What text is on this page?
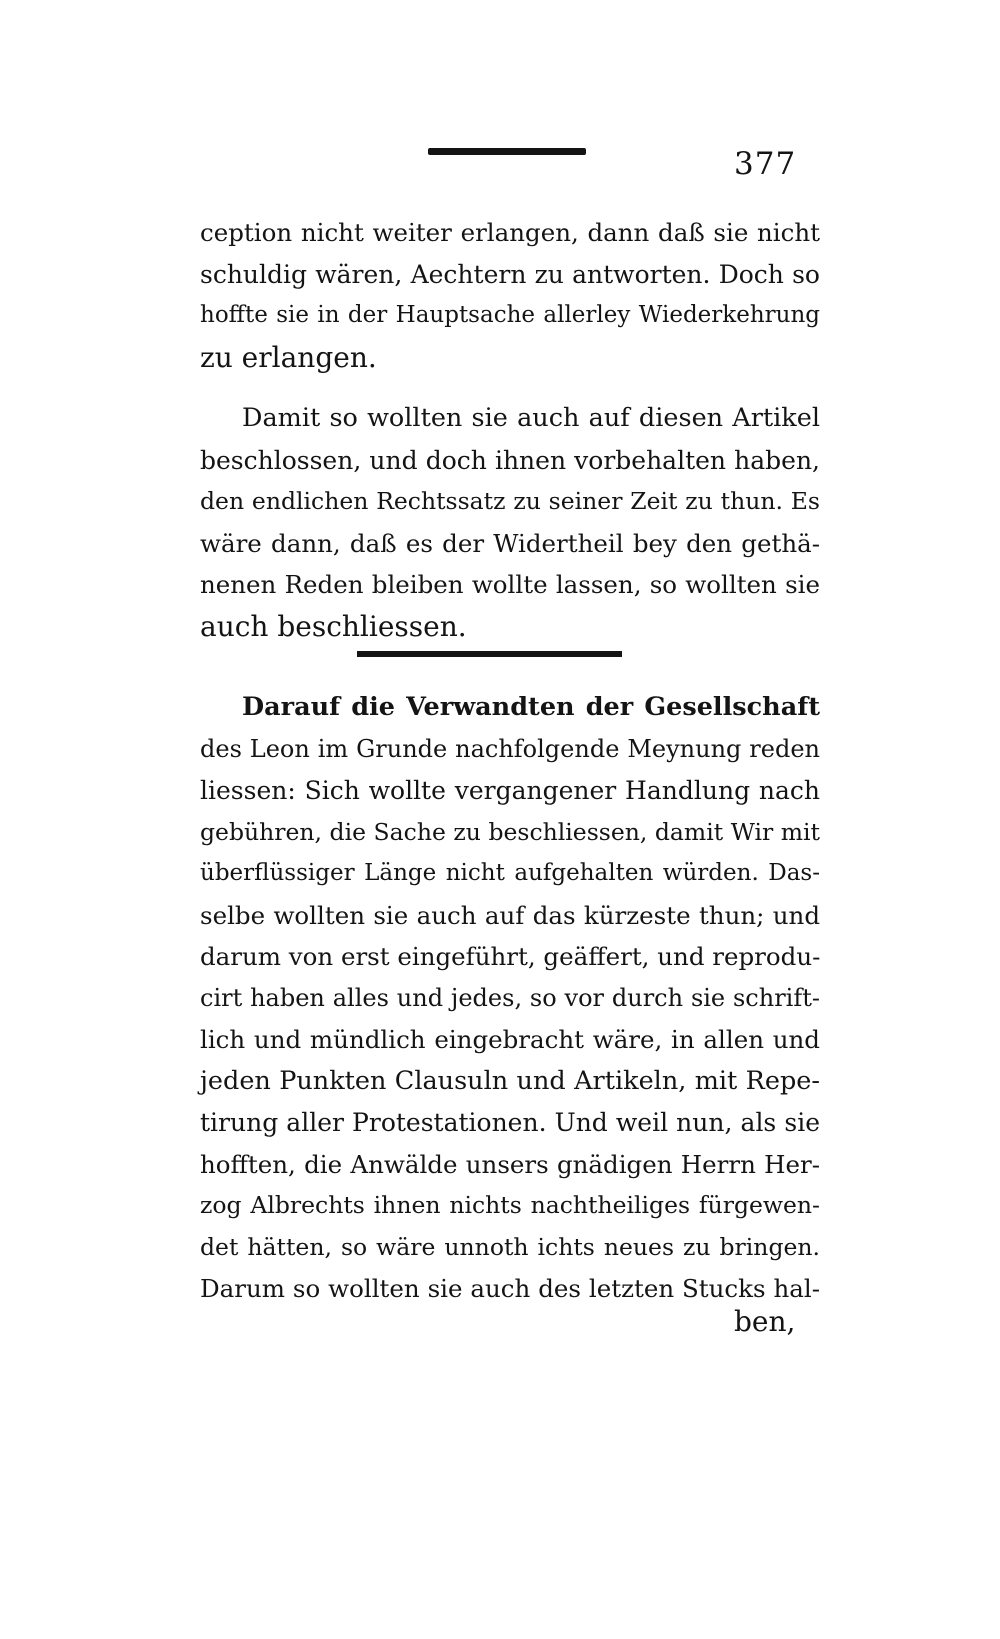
377
ception nicht weiter erlangen, dann daß sie nicht
schuldig wären, Aechtern zu antworten. Doch so
hoffte sie in der Hauptsache allerley Wiederkehrung
zu erlangen.
Damit so wollten sie auch auf diesen Artikel
beschlossen, und doch ihnen vorbehalten haben,
den endlichen Rechtssatz zu seiner Zeit zu thun. Es
wäre dann, daß es der Widertheil bey den gethä-
nenen Reden bleiben wollte lassen, so wollten sie
auch beschliessen.
Darauf die Verwandten der Gesellschaft
des Leon im Grunde nachfolgende Meynung reden
liessen: Sich wollte vergangener Handlung nach
gebühren, die Sache zu beschliessen, damit Wir mit
überflüssiger Länge nicht aufgehalten würden. Das-
selbe wollten sie auch auf das kürzeste thun; und
darum von erst eingeführt, geäffert, und reprodu-
cirt haben alles und jedes, so vor durch sie schrift-
lich und mündlich eingebracht wäre, in allen und
jeden Punkten Clausuln und Artikeln, mit Repe-
tirung aller Protestationen. Und weil nun, als sie
hofften, die Anwälde unsers gnädigen Herrn Her-
zog Albrechts ihnen nichts nachtheiliges fürgewen-
det hätten, so wäre unnoth ichts neues zu bringen.
Darum so wollten sie auch des letzten Stucks hal-
ben,
